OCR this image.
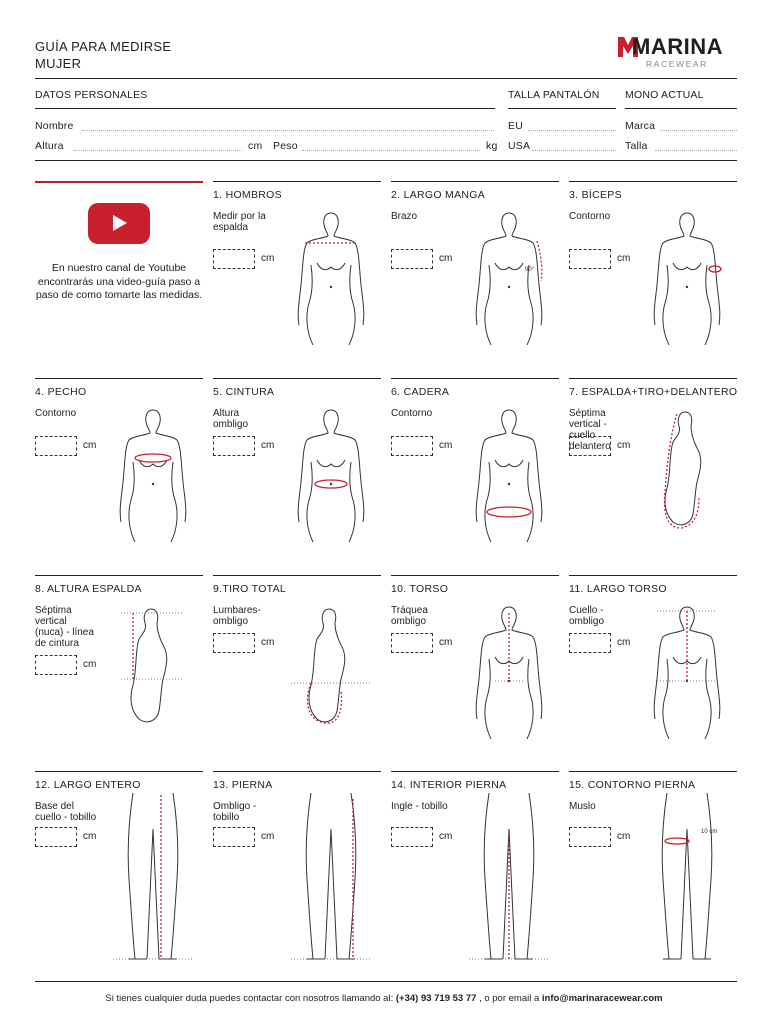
GUÍA PARA MEDIRSE
MUJER
MARINA
RACEWEAR
DATOS PERSONALES	TALLA PANTALÓN MONO ACTUAL
Nombre	EU	Marca
Altura	cm Peso	kg USA	Talla
En nuestro canal de Youtube encontrarás una video-guía paso a paso de como tomarte las medidas.
1. HOMBROS
Medir por la espalda
cm
2. LARGO MANGA
Brazo
cm
90°
3. BÍCEPS
Contorno
cm
4. PECHO
Contorno
cm
5. CINTURA
Altura ombligo
cm
6. CADERA
Contorno
cm
7. ESPALDA+TIRO+DELANTERO
Séptima vertical - cuello delantero cm
8. ALTURA ESPALDA
Séptima vertical (nuca) - línea de cintura
cm
9.TIRO TOTAL
Lumbares-ombligo
cm
10. TORSO
Tráquea ombligo
cm
11. LARGO TORSO
Cuello - ombligo
cm
12. LARGO ENTERO
Base del cuello - tobillo
cm
13. PIERNA
Ombligo - tobillo
cm
14. INTERIOR PIERNA
Ingle - tobillo
cm
15. CONTORNO PIERNA
Muslo
cm	10 cm
Si tienes cualquier duda puedes contactar con nosotros llamando al: (+34) 93 719 53 77 , o por email a info@marinaracewear.com
